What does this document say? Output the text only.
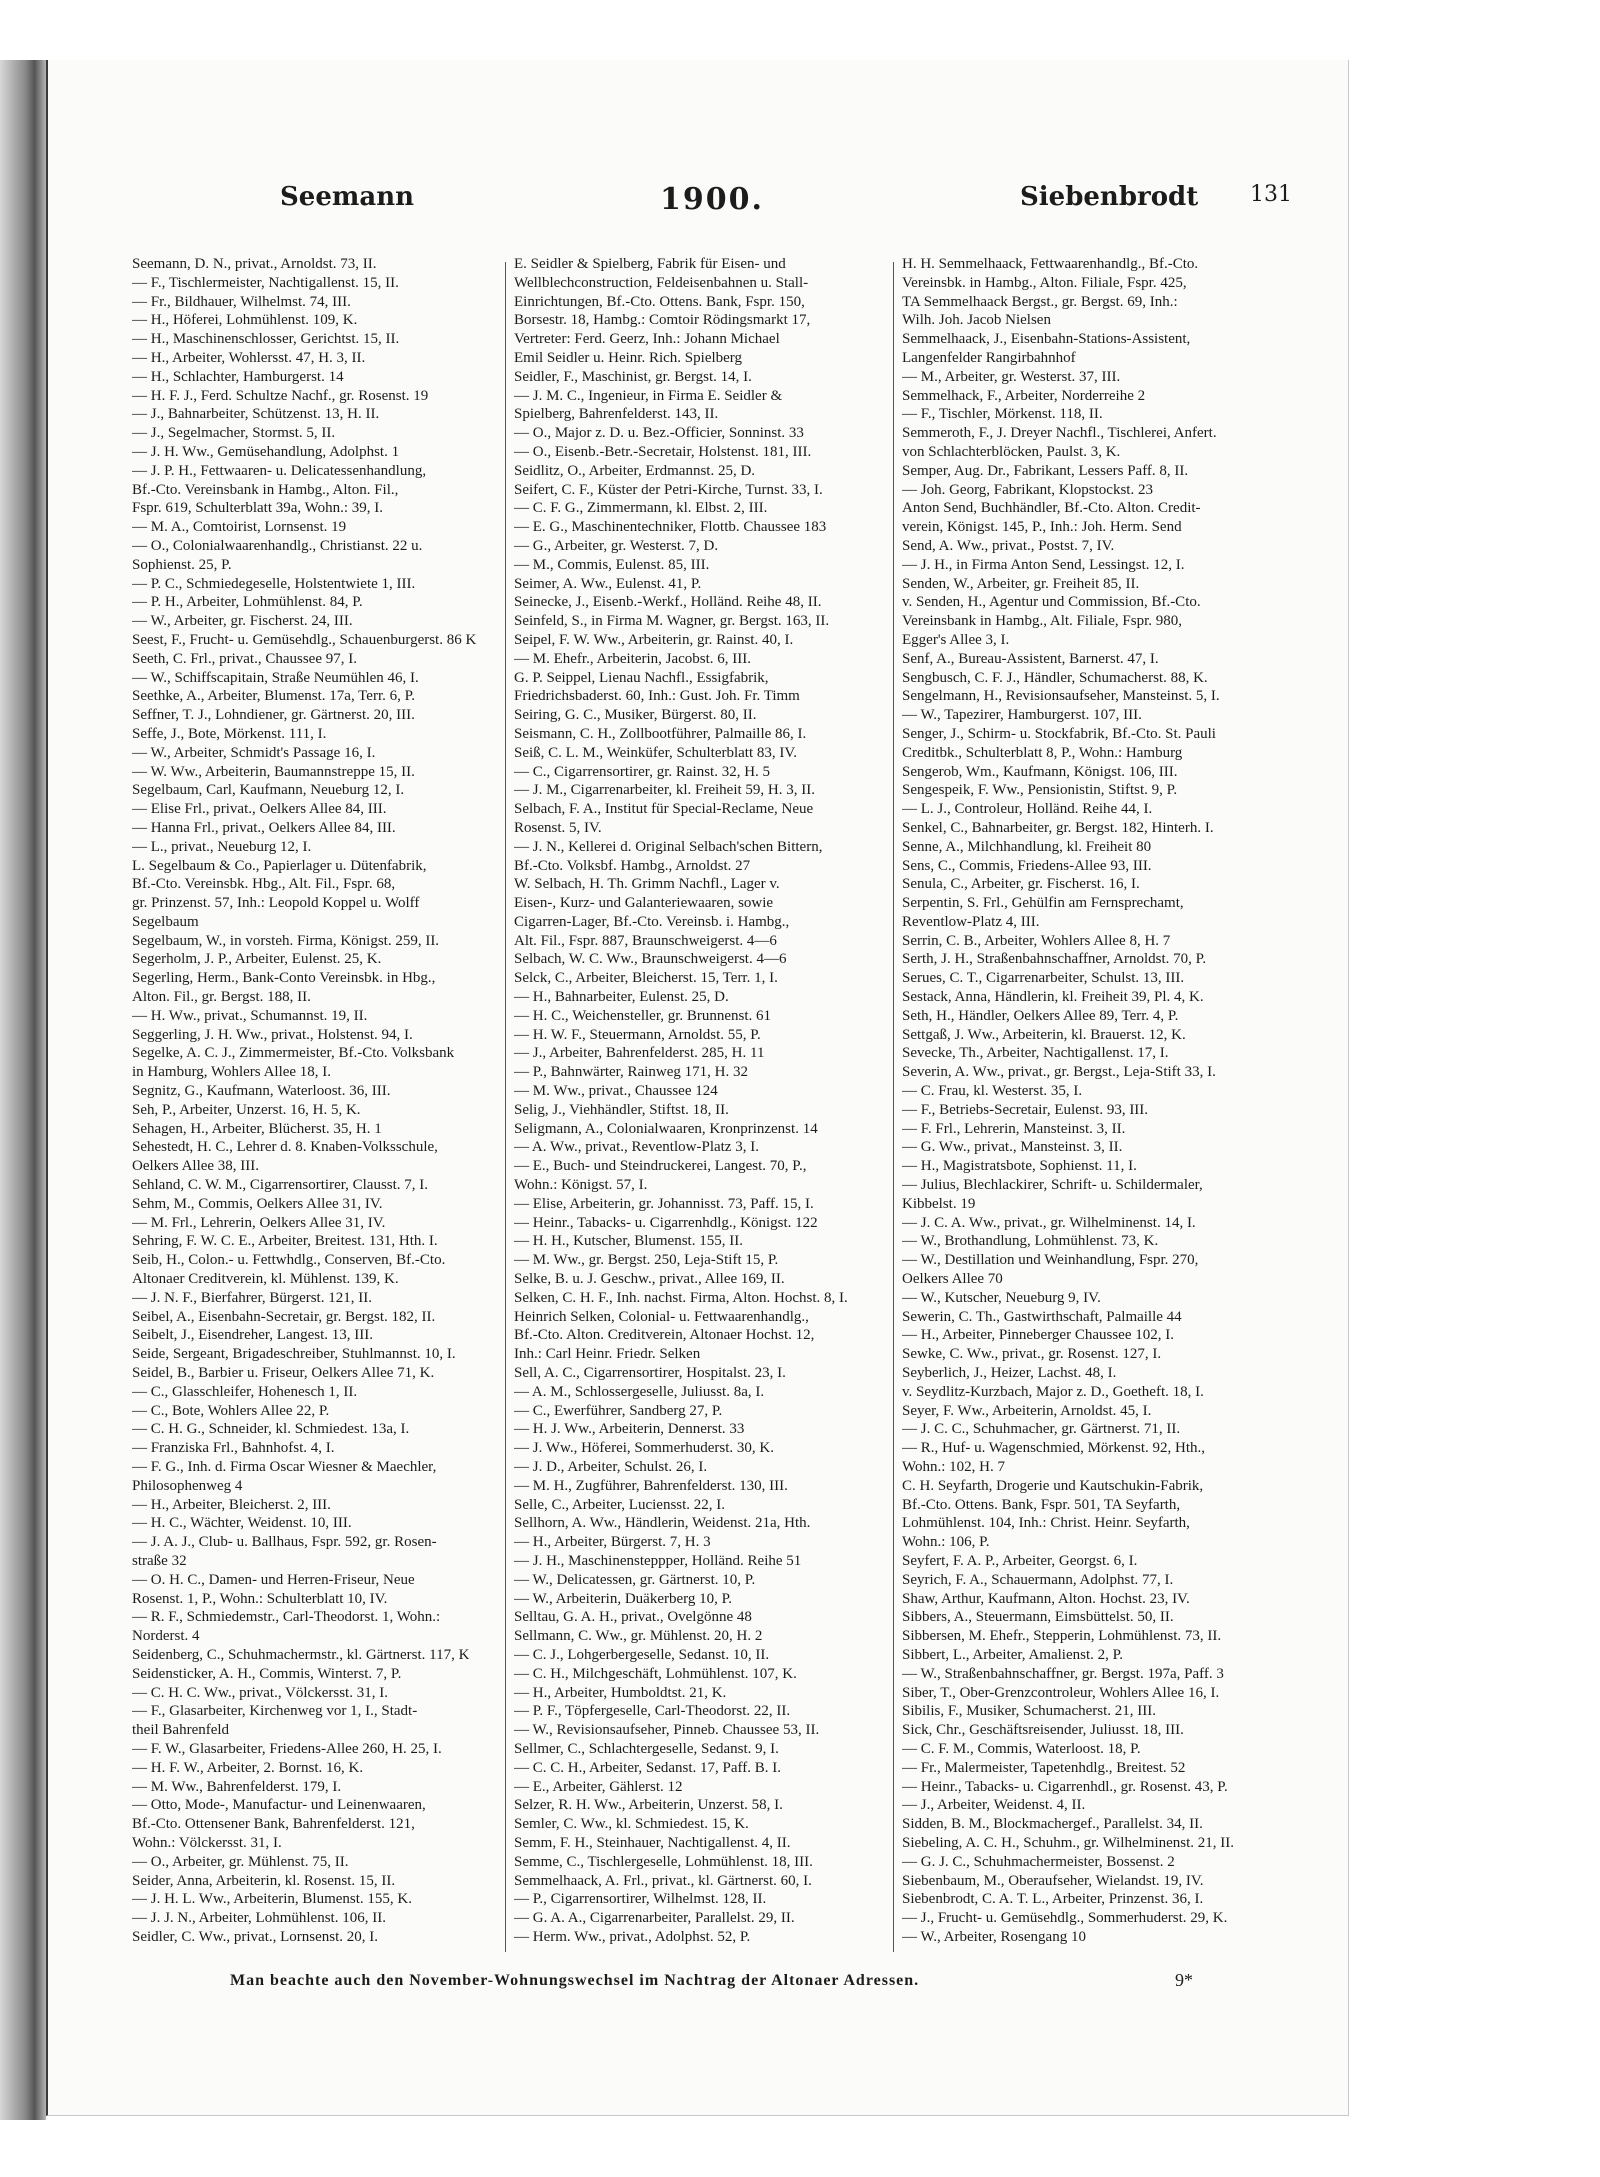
Seemann	1900.	Siebenbrodt 131
Seemann, D. N., privat., Arnoldst. 73, II.
— F., Tischlermeister, Nachtigallenst. 15, II.
— Fr., Bildhauer, Wilhelmst. 74, III.
— H., Höferei, Lohmühlenst. 109, K.
— H., Maschinenschlosser, Gerichtst. 15, II.
— H., Arbeiter, Wohlersst. 47, H. 3, II.
— H., Schlachter, Hamburgerst. 14
— H. F. J., Ferd. Schultze Nachf., gr. Rosenst. 19
— J., Bahnarbeiter, Schützenst. 13, H. II.
— J., Segelmacher, Stormst. 5, II.
— J. H. Ww., Gemüsehandlung, Adolphst. 1
— J. P. H., Fettwaaren- u. Delicatessenhandlung,
Bf.-Cto. Vereinsbank in Hambg., Alton. Fil.,
Fspr. 619, Schulterblatt 39a, Wohn.: 39, I.
— M. A., Comtoirist, Lornsenst. 19
— O., Colonialwaarenhandlg., Christianst. 22 u.
Sophienst. 25, P.
— P. C., Schmiedegeselle, Holstentwiete 1, III.
— P. H., Arbeiter, Lohmühlenst. 84, P.
— W., Arbeiter, gr. Fischerst. 24, III.
Seest, F., Frucht- u. Gemüsehdlg., Schauenburgerst. 86 K
Seeth, C. Frl., privat., Chaussee 97, I.
— W., Schiffscapitain, Straße Neumühlen 46, I.
Seethke, A., Arbeiter, Blumenst. 17a, Terr. 6, P.
Seffner, T. J., Lohndiener, gr. Gärtnerst. 20, III.
Seffe, J., Bote, Mörkenst. 111, I.
— W., Arbeiter, Schmidt's Passage 16, I.
— W. Ww., Arbeiterin, Baumannstreppe 15, II.
Segelbaum, Carl, Kaufmann, Neueburg 12, I.
— Elise Frl., privat., Oelkers Allee 84, III.
— Hanna Frl., privat., Oelkers Allee 84, III.
— L., privat., Neueburg 12, I.
L. Segelbaum & Co., Papierlager u. Dütenfabrik,
Bf.-Cto. Vereinsbk. Hbg., Alt. Fil., Fspr. 68,
gr. Prinzenst. 57, Inh.: Leopold Koppel u. Wolff
Segelbaum
Segelbaum, W., in vorsteh. Firma, Königst. 259, II.
Segerholm, J. P., Arbeiter, Eulenst. 25, K.
Segerling, Herm., Bank-Conto Vereinsbk. in Hbg.,
Alton. Fil., gr. Bergst. 188, II.
— H. Ww., privat., Schumannst. 19, II.
Seggerling, J. H. Ww., privat., Holstenst. 94, I.
Segelke, A. C. J., Zimmermeister, Bf.-Cto. Volksbank
in Hamburg, Wohlers Allee 18, I.
Segnitz, G., Kaufmann, Waterloost. 36, III.
Seh, P., Arbeiter, Unzerst. 16, H. 5, K.
Sehagen, H., Arbeiter, Blücherst. 35, H. 1
Sehestedt, H. C., Lehrer d. 8. Knaben-Volksschule,
Oelkers Allee 38, III.
Sehland, C. W. M., Cigarrensortirer, Clausst. 7, I.
Sehm, M., Commis, Oelkers Allee 31, IV.
— M. Frl., Lehrerin, Oelkers Allee 31, IV.
Sehring, F. W. C. E., Arbeiter, Breitest. 131, Hth. I.
Seib, H., Colon.- u. Fettwhdlg., Conserven, Bf.-Cto.
Altonaer Creditverein, kl. Mühlenst. 139, K.
— J. N. F., Bierfahrer, Bürgerst. 121, II.
Seibel, A., Eisenbahn-Secretair, gr. Bergst. 182, II.
Seibelt, J., Eisendreher, Langest. 13, III.
Seide, Sergeant, Brigadeschreiber, Stuhlmannst. 10, I.
Seidel, B., Barbier u. Friseur, Oelkers Allee 71, K.
— C., Glasschleifer, Hohenesch 1, II.
— C., Bote, Wohlers Allee 22, P.
— C. H. G., Schneider, kl. Schmiedest. 13a, I.
— Franziska Frl., Bahnhofst. 4, I.
— F. G., Inh. d. Firma Oscar Wiesner & Maechler,
Philosophenweg 4
— H., Arbeiter, Bleicherst. 2, III.
— H. C., Wächter, Weidenst. 10, III.
— J. A. J., Club- u. Ballhaus, Fspr. 592, gr. Rosen-
straße 32
— O. H. C., Damen- und Herren-Friseur, Neue
Rosenst. 1, P., Wohn.: Schulterblatt 10, IV.
— R. F., Schmiedemstr., Carl-Theodorst. 1, Wohn.:
Norderst. 4
Seidenberg, C., Schuhmachermstr., kl. Gärtnerst. 117, K
Seidensticker, A. H., Commis, Winterst. 7, P.
— C. H. C. Ww., privat., Völckersst. 31, I.
— F., Glasarbeiter, Kirchenweg vor 1, I., Stadt-
theil Bahrenfeld
— F. W., Glasarbeiter, Friedens-Allee 260, H. 25, I.
— H. F. W., Arbeiter, 2. Bornst. 16, K.
— M. Ww., Bahrenfelderst. 179, I.
— Otto, Mode-, Manufactur- und Leinenwaaren,
Bf.-Cto. Ottensener Bank, Bahrenfelderst. 121,
Wohn.: Völckersst. 31, I.
— O., Arbeiter, gr. Mühlenst. 75, II.
Seider, Anna, Arbeiterin, kl. Rosenst. 15, II.
— J. H. L. Ww., Arbeiterin, Blumenst. 155, K.
— J. J. N., Arbeiter, Lohmühlenst. 106, II.
Seidler, C. Ww., privat., Lornsenst. 20, I.
E. Seidler & Spielberg, Fabrik für Eisen- und
Wellblechconstruction, Feldeisenbahnen u. Stall-
Einrichtungen, Bf.-Cto. Ottens. Bank, Fspr. 150,
Borsestr. 18, Hambg.: Comtoir Rödingsmarkt 17,
Vertreter: Ferd. Geerz, Inh.: Johann Michael
Emil Seidler u. Heinr. Rich. Spielberg
Seidler, F., Maschinist, gr. Bergst. 14, I.
— J. M. C., Ingenieur, in Firma E. Seidler &
Spielberg, Bahrenfelderst. 143, II.
— O., Major z. D. u. Bez.-Officier, Sonninst. 33
— O., Eisenb.-Betr.-Secretair, Holstenst. 181, III.
Seidlitz, O., Arbeiter, Erdmannst. 25, D.
Seifert, C. F., Küster der Petri-Kirche, Turnst. 33, I.
— C. F. G., Zimmermann, kl. Elbst. 2, III.
— E. G., Maschinentechniker, Flottb. Chaussee 183
— G., Arbeiter, gr. Westerst. 7, D.
— M., Commis, Eulenst. 85, III.
Seimer, A. Ww., Eulenst. 41, P.
Seinecke, J., Eisenb.-Werkf., Holländ. Reihe 48, II.
Seinfeld, S., in Firma M. Wagner, gr. Bergst. 163, II.
Seipel, F. W. Ww., Arbeiterin, gr. Rainst. 40, I.
— M. Ehefr., Arbeiterin, Jacobst. 6, III.
G. P. Seippel, Lienau Nachfl., Essigfabrik,
Friedrichsbaderst. 60, Inh.: Gust. Joh. Fr. Timm
Seiring, G. C., Musiker, Bürgerst. 80, II.
Seismann, C. H., Zollbootführer, Palmaille 86, I.
Seiß, C. L. M., Weinküfer, Schulterblatt 83, IV.
— C., Cigarrensortirer, gr. Rainst. 32, H. 5
— J. M., Cigarrenarbeiter, kl. Freiheit 59, H. 3, II.
Selbach, F. A., Institut für Special-Reclame, Neue
Rosenst. 5, IV.
— J. N., Kellerei d. Original Selbach'schen Bittern,
Bf.-Cto. Volksbf. Hambg., Arnoldst. 27
W. Selbach, H. Th. Grimm Nachfl., Lager v.
Eisen-, Kurz- und Galanteriewaaren, sowie
Cigarren-Lager, Bf.-Cto. Vereinsb. i. Hambg.,
Alt. Fil., Fspr. 887, Braunschweigerst. 4—6
Selbach, W. C. Ww., Braunschweigerst. 4—6
Selck, C., Arbeiter, Bleicherst. 15, Terr. 1, I.
— H., Bahnarbeiter, Eulenst. 25, D.
— H. C., Weichensteller, gr. Brunnenst. 61
— H. W. F., Steuermann, Arnoldst. 55, P.
— J., Arbeiter, Bahrenfelderst. 285, H. 11
— P., Bahnwärter, Rainweg 171, H. 32
— M. Ww., privat., Chaussee 124
Selig, J., Viehhändler, Stiftst. 18, II.
Seligmann, A., Colonialwaaren, Kronprinzenst. 14
— A. Ww., privat., Reventlow-Platz 3, I.
— E., Buch- und Steindruckerei, Langest. 70, P.,
Wohn.: Königst. 57, I.
— Elise, Arbeiterin, gr. Johannisst. 73, Paff. 15, I.
— Heinr., Tabacks- u. Cigarrenhdlg., Königst. 122
— H. H., Kutscher, Blumenst. 155, II.
— M. Ww., gr. Bergst. 250, Leja-Stift 15, P.
Selke, B. u. J. Geschw., privat., Allee 169, II.
Selken, C. H. F., Inh. nachst. Firma, Alton. Hochst. 8, I.
Heinrich Selken, Colonial- u. Fettwaarenhandlg.,
Bf.-Cto. Alton. Creditverein, Altonaer Hochst. 12,
Inh.: Carl Heinr. Friedr. Selken
Sell, A. C., Cigarrensortirer, Hospitalst. 23, I.
— A. M., Schlossergeselle, Juliusst. 8a, I.
— C., Ewerführer, Sandberg 27, P.
— H. J. Ww., Arbeiterin, Dennerst. 33
— J. Ww., Höferei, Sommerhuderst. 30, K.
— J. D., Arbeiter, Schulst. 26, I.
— M. H., Zugführer, Bahrenfelderst. 130, III.
Selle, C., Arbeiter, Luciensst. 22, I.
Sellhorn, A. Ww., Händlerin, Weidenst. 21a, Hth.
— H., Arbeiter, Bürgerst. 7, H. 3
— J. H., Maschinensteppper, Holländ. Reihe 51
— W., Delicatessen, gr. Gärtnerst. 10, P.
— W., Arbeiterin, Duäkerberg 10, P.
Selltau, G. A. H., privat., Ovelgönne 48
Sellmann, C. Ww., gr. Mühlenst. 20, H. 2
— C. J., Lohgerbergeselle, Sedanst. 10, II.
— C. H., Milchgeschäft, Lohmühlenst. 107, K.
— H., Arbeiter, Humboldtst. 21, K.
— P. F., Töpfergeselle, Carl-Theodorst. 22, II.
— W., Revisionsaufseher, Pinneb. Chaussee 53, II.
Sellmer, C., Schlachtergeselle, Sedanst. 9, I.
— C. C. H., Arbeiter, Sedanst. 17, Paff. B. I.
— E., Arbeiter, Gählerst. 12
Selzer, R. H. Ww., Arbeiterin, Unzerst. 58, I.
Semler, C. Ww., kl. Schmiedest. 15, K.
Semm, F. H., Steinhauer, Nachtigallenst. 4, II.
Semme, C., Tischlergeselle, Lohmühlenst. 18, III.
Semmelhaack, A. Frl., privat., kl. Gärtnerst. 60, I.
— P., Cigarrensortirer, Wilhelmst. 128, II.
— G. A. A., Cigarrenarbeiter, Parallelst. 29, II.
— Herm. Ww., privat., Adolphst. 52, P.
H. H. Semmelhaack, Fettwaarenhandlg., Bf.-Cto.
Vereinsbk. in Hambg., Alton. Filiale, Fspr. 425,
TA Semmelhaack Bergst., gr. Bergst. 69, Inh.:
Wilh. Joh. Jacob Nielsen
Semmelhaack, J., Eisenbahn-Stations-Assistent,
Langenfelder Rangirbahnhof
— M., Arbeiter, gr. Westerst. 37, III.
Semmelhack, F., Arbeiter, Norderreihe 2
— F., Tischler, Mörkenst. 118, II.
Semmeroth, F., J. Dreyer Nachfl., Tischlerei, Anfert.
von Schlachterblöcken, Paulst. 3, K.
Semper, Aug. Dr., Fabrikant, Lessers Paff. 8, II.
— Joh. Georg, Fabrikant, Klopstockst. 23
Anton Send, Buchhändler, Bf.-Cto. Alton. Credit-
verein, Königst. 145, P., Inh.: Joh. Herm. Send
Send, A. Ww., privat., Postst. 7, IV.
— J. H., in Firma Anton Send, Lessingst. 12, I.
Senden, W., Arbeiter, gr. Freiheit 85, II.
v. Senden, H., Agentur und Commission, Bf.-Cto.
Vereinsbank in Hambg., Alt. Filiale, Fspr. 980,
Egger's Allee 3, I.
Senf, A., Bureau-Assistent, Barnerst. 47, I.
Sengbusch, C. F. J., Händler, Schumacherst. 88, K.
Sengelmann, H., Revisionsaufseher, Mansteinst. 5, I.
— W., Tapezirer, Hamburgerst. 107, III.
Senger, J., Schirm- u. Stockfabrik, Bf.-Cto. St. Pauli
Creditbk., Schulterblatt 8, P., Wohn.: Hamburg
Sengerob, Wm., Kaufmann, Königst. 106, III.
Sengespeik, F. Ww., Pensionistin, Stiftst. 9, P.
— L. J., Controleur, Holländ. Reihe 44, I.
Senkel, C., Bahnarbeiter, gr. Bergst. 182, Hinterh. I.
Senne, A., Milchhandlung, kl. Freiheit 80
Sens, C., Commis, Friedens-Allee 93, III.
Senula, C., Arbeiter, gr. Fischerst. 16, I.
Serpentin, S. Frl., Gehülfin am Fernsprechamt,
Reventlow-Platz 4, III.
Serrin, C. B., Arbeiter, Wohlers Allee 8, H. 7
Serth, J. H., Straßenbahnschaffner, Arnoldst. 70, P.
Serues, C. T., Cigarrenarbeiter, Schulst. 13, III.
Sestack, Anna, Händlerin, kl. Freiheit 39, Pl. 4, K.
Seth, H., Händler, Oelkers Allee 89, Terr. 4, P.
Settgaß, J. Ww., Arbeiterin, kl. Brauerst. 12, K.
Sevecke, Th., Arbeiter, Nachtigallenst. 17, I.
Severin, A. Ww., privat., gr. Bergst., Leja-Stift 33, I.
— C. Frau, kl. Westerst. 35, I.
— F., Betriebs-Secretair, Eulenst. 93, III.
— F. Frl., Lehrerin, Mansteinst. 3, II.
— G. Ww., privat., Mansteinst. 3, II.
— H., Magistratsbote, Sophienst. 11, I.
— Julius, Blechlackirer, Schrift- u. Schildermaler,
Kibbelst. 19
— J. C. A. Ww., privat., gr. Wilhelminenst. 14, I.
— W., Brothandlung, Lohmühlenst. 73, K.
— W., Destillation und Weinhandlung, Fspr. 270,
Oelkers Allee 70
— W., Kutscher, Neueburg 9, IV.
Sewerin, C. Th., Gastwirthschaft, Palmaille 44
— H., Arbeiter, Pinneberger Chaussee 102, I.
Sewke, C. Ww., privat., gr. Rosenst. 127, I.
Seyberlich, J., Heizer, Lachst. 48, I.
v. Seydlitz-Kurzbach, Major z. D., Goetheft. 18, I.
Seyer, F. Ww., Arbeiterin, Arnoldst. 45, I.
— J. C. C., Schuhmacher, gr. Gärtnerst. 71, II.
— R., Huf- u. Wagenschmied, Mörkenst. 92, Hth.,
Wohn.: 102, H. 7
C. H. Seyfarth, Drogerie und Kautschukin-Fabrik,
Bf.-Cto. Ottens. Bank, Fspr. 501, TA Seyfarth,
Lohmühlenst. 104, Inh.: Christ. Heinr. Seyfarth,
Wohn.: 106, P.
Seyfert, F. A. P., Arbeiter, Georgst. 6, I.
Seyrich, F. A., Schauermann, Adolphst. 77, I.
Shaw, Arthur, Kaufmann, Alton. Hochst. 23, IV.
Sibbers, A., Steuermann, Eimsbüttelst. 50, II.
Sibbersen, M. Ehefr., Stepperin, Lohmühlenst. 73, II.
Sibbert, L., Arbeiter, Amalienst. 2, P.
— W., Straßenbahnschaffner, gr. Bergst. 197a, Paff. 3
Siber, T., Ober-Grenzcontroleur, Wohlers Allee 16, I.
Sibilis, F., Musiker, Schumacherst. 21, III.
Sick, Chr., Geschäftsreisender, Juliusst. 18, III.
— C. F. M., Commis, Waterloost. 18, P.
— Fr., Malermeister, Tapetenhdlg., Breitest. 52
— Heinr., Tabacks- u. Cigarrenhdl., gr. Rosenst. 43, P.
— J., Arbeiter, Weidenst. 4, II.
Sidden, B. M., Blockmachergef., Parallelst. 34, II.
Siebeling, A. C. H., Schuhm., gr. Wilhelminenst. 21, II.
— G. J. C., Schuhmachermeister, Bossenst. 2
Siebenbaum, M., Oberaufseher, Wielandst. 19, IV.
Siebenbrodt, C. A. T. L., Arbeiter, Prinzenst. 36, I.
— J., Frucht- u. Gemüsehdlg., Sommerhuderst. 29, K.
— W., Arbeiter, Rosengang 10
Man beachte auch den November-Wohnungswechsel im Nachtrag der Altonaer Adressen.	9*
